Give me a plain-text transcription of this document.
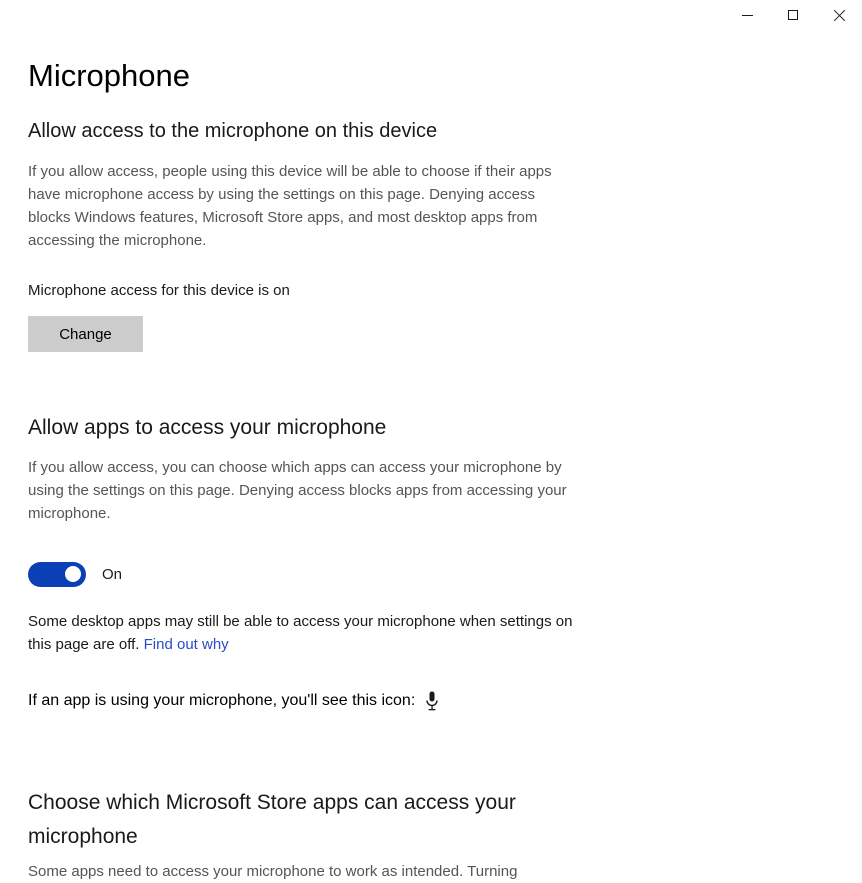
Microphone
Allow access to the microphone on this device

If you allow access, people using this device will be able to choose if their apps have microphone access by using the settings on this page. Denying access blocks Windows features, Microsoft Store apps, and most desktop apps from accessing the microphone.

Microphone access for this device is on

Change
Allow apps to access your microphone

If you allow access, you can choose which apps can access your microphone by using the settings on this page. Denying access blocks apps from accessing your microphone.

On

Some desktop apps may still be able to access your microphone when settings on this page are off. Find out why

If an app is using your microphone, you'll see this icon:
Choose which Microsoft Store apps can access your microphone
Some apps need to access your microphone to work as intended. Turning
